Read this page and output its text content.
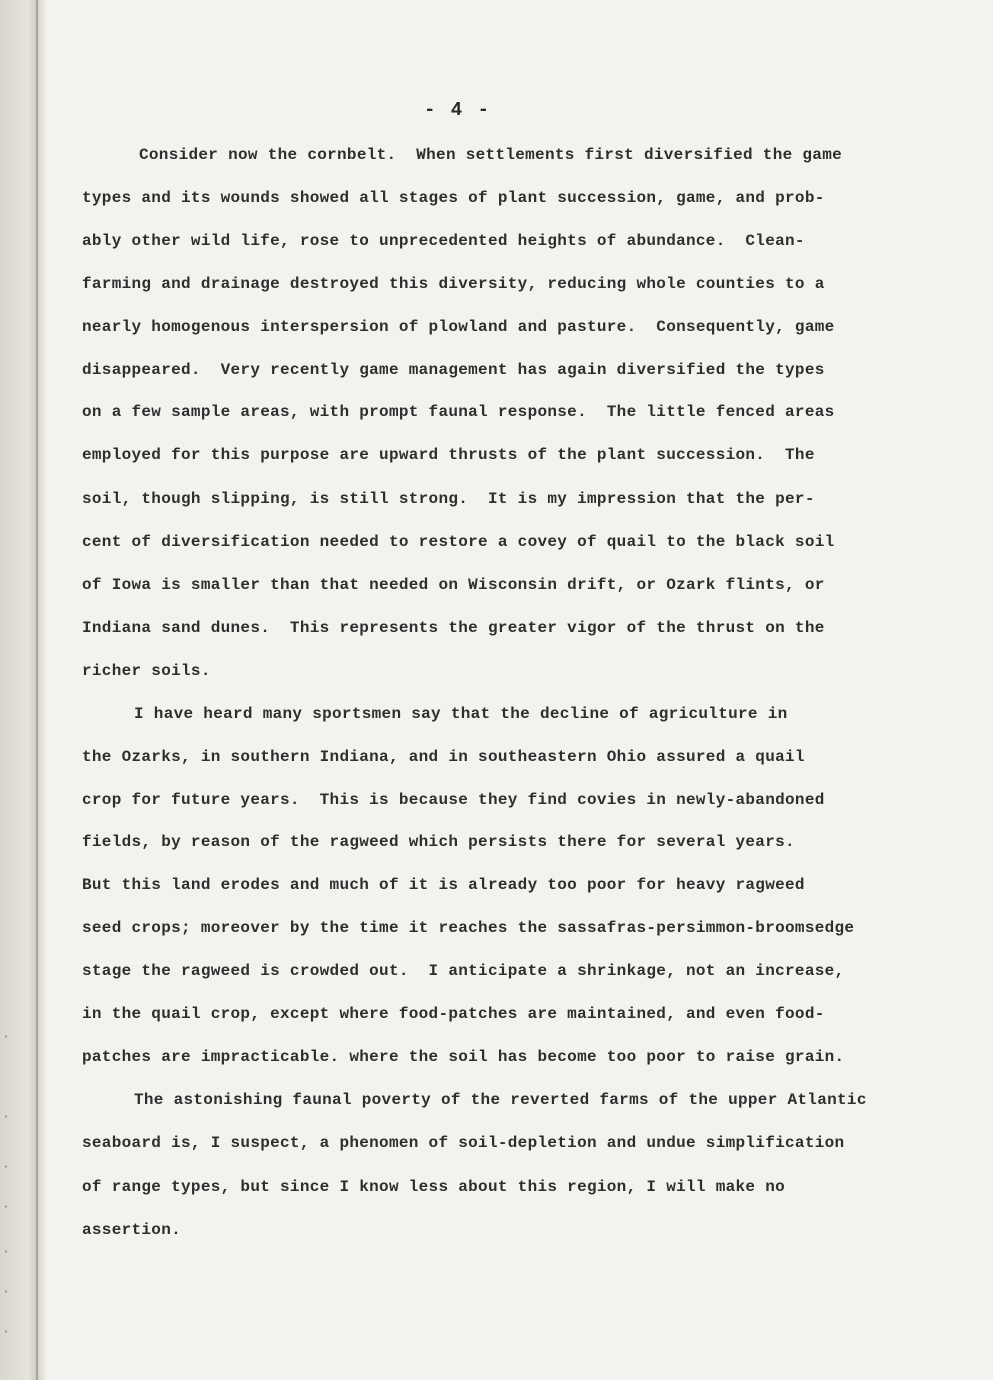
·
·
·
·
·
·
·
- 4 -
Consider now the cornbelt.  When settlements first diversified the game
types and its wounds showed all stages of plant succession, game, and prob-
ably other wild life, rose to unprecedented heights of abundance.  Clean-
farming and drainage destroyed this diversity, reducing whole counties to a
nearly homogenous interspersion of plowland and pasture.  Consequently, game
disappeared.  Very recently game management has again diversified the types
on a few sample areas, with prompt faunal response.  The little fenced areas
employed for this purpose are upward thrusts of the plant succession.  The
soil, though slipping, is still strong.  It is my impression that the per-
cent of diversification needed to restore a covey of quail to the black soil
of Iowa is smaller than that needed on Wisconsin drift, or Ozark flints, or
Indiana sand dunes.  This represents the greater vigor of the thrust on the
richer soils.
I have heard many sportsmen say that the decline of agriculture in
the Ozarks, in southern Indiana, and in southeastern Ohio assured a quail
crop for future years.  This is because they find covies in newly-abandoned
fields, by reason of the ragweed which persists there for several years.
But this land erodes and much of it is already too poor for heavy ragweed
seed crops; moreover by the time it reaches the sassafras-persimmon-broomsedge
stage the ragweed is crowded out.  I anticipate a shrinkage, not an increase,
in the quail crop, except where food-patches are maintained, and even food-
patches are impracticable. where the soil has become too poor to raise grain.
The astonishing faunal poverty of the reverted farms of the upper Atlantic
seaboard is, I suspect, a phenomen of soil-depletion and undue simplification
of range types, but since I know less about this region, I will make no
assertion.
